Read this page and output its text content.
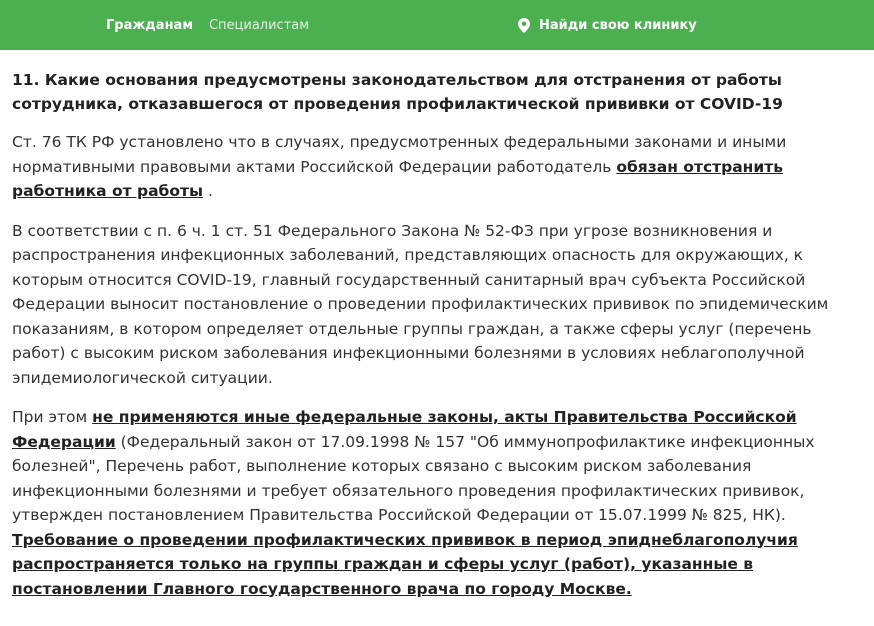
Гражданам Специалистам	Найди свою клинику

11. Какие основания предусмотрены законодательством для отстранения от работы сотрудника, отказавшегося от проведения профилактической прививки от COVID-19

Ст. 76 ТК РФ установлено что в случаях, предусмотренных федеральными законами и иными нормативными правовыми актами Российской Федерации работодатель обязан отстранить работника от работы .

В соответствии с п. 6 ч. 1 ст. 51 Федерального Закона № 52-ФЗ при угрозе возникновения и распространения инфекционных заболеваний, представляющих опасность для окружающих, к которым относится COVID-19, главный государственный санитарный врач субъекта Российской Федерации выносит постановление о проведении профилактических прививок по эпидемическим показаниям, в котором определяет отдельные группы граждан, а также сферы услуг (перечень работ) с высоким риском заболевания инфекционными болезнями в условиях неблагополучной эпидемиологической ситуации.

При этом не применяются иные федеральные законы, акты Правительства Российской Федерации (Федеральный закон от 17.09.1998 № 157 "Об иммунопрофилактике инфекционных болезней", Перечень работ, выполнение которых связано с высоким риском заболевания инфекционными болезнями и требует обязательного проведения профилактических прививок, утвержден постановлением Правительства Российской Федерации от 15.07.1999 № 825, НК).
Требование о проведении профилактических прививок в период эпиднеблагополучия распространяется только на группы граждан и сферы услуг (работ), указанные в постановлении Главного государственного врача по городу Москве.
